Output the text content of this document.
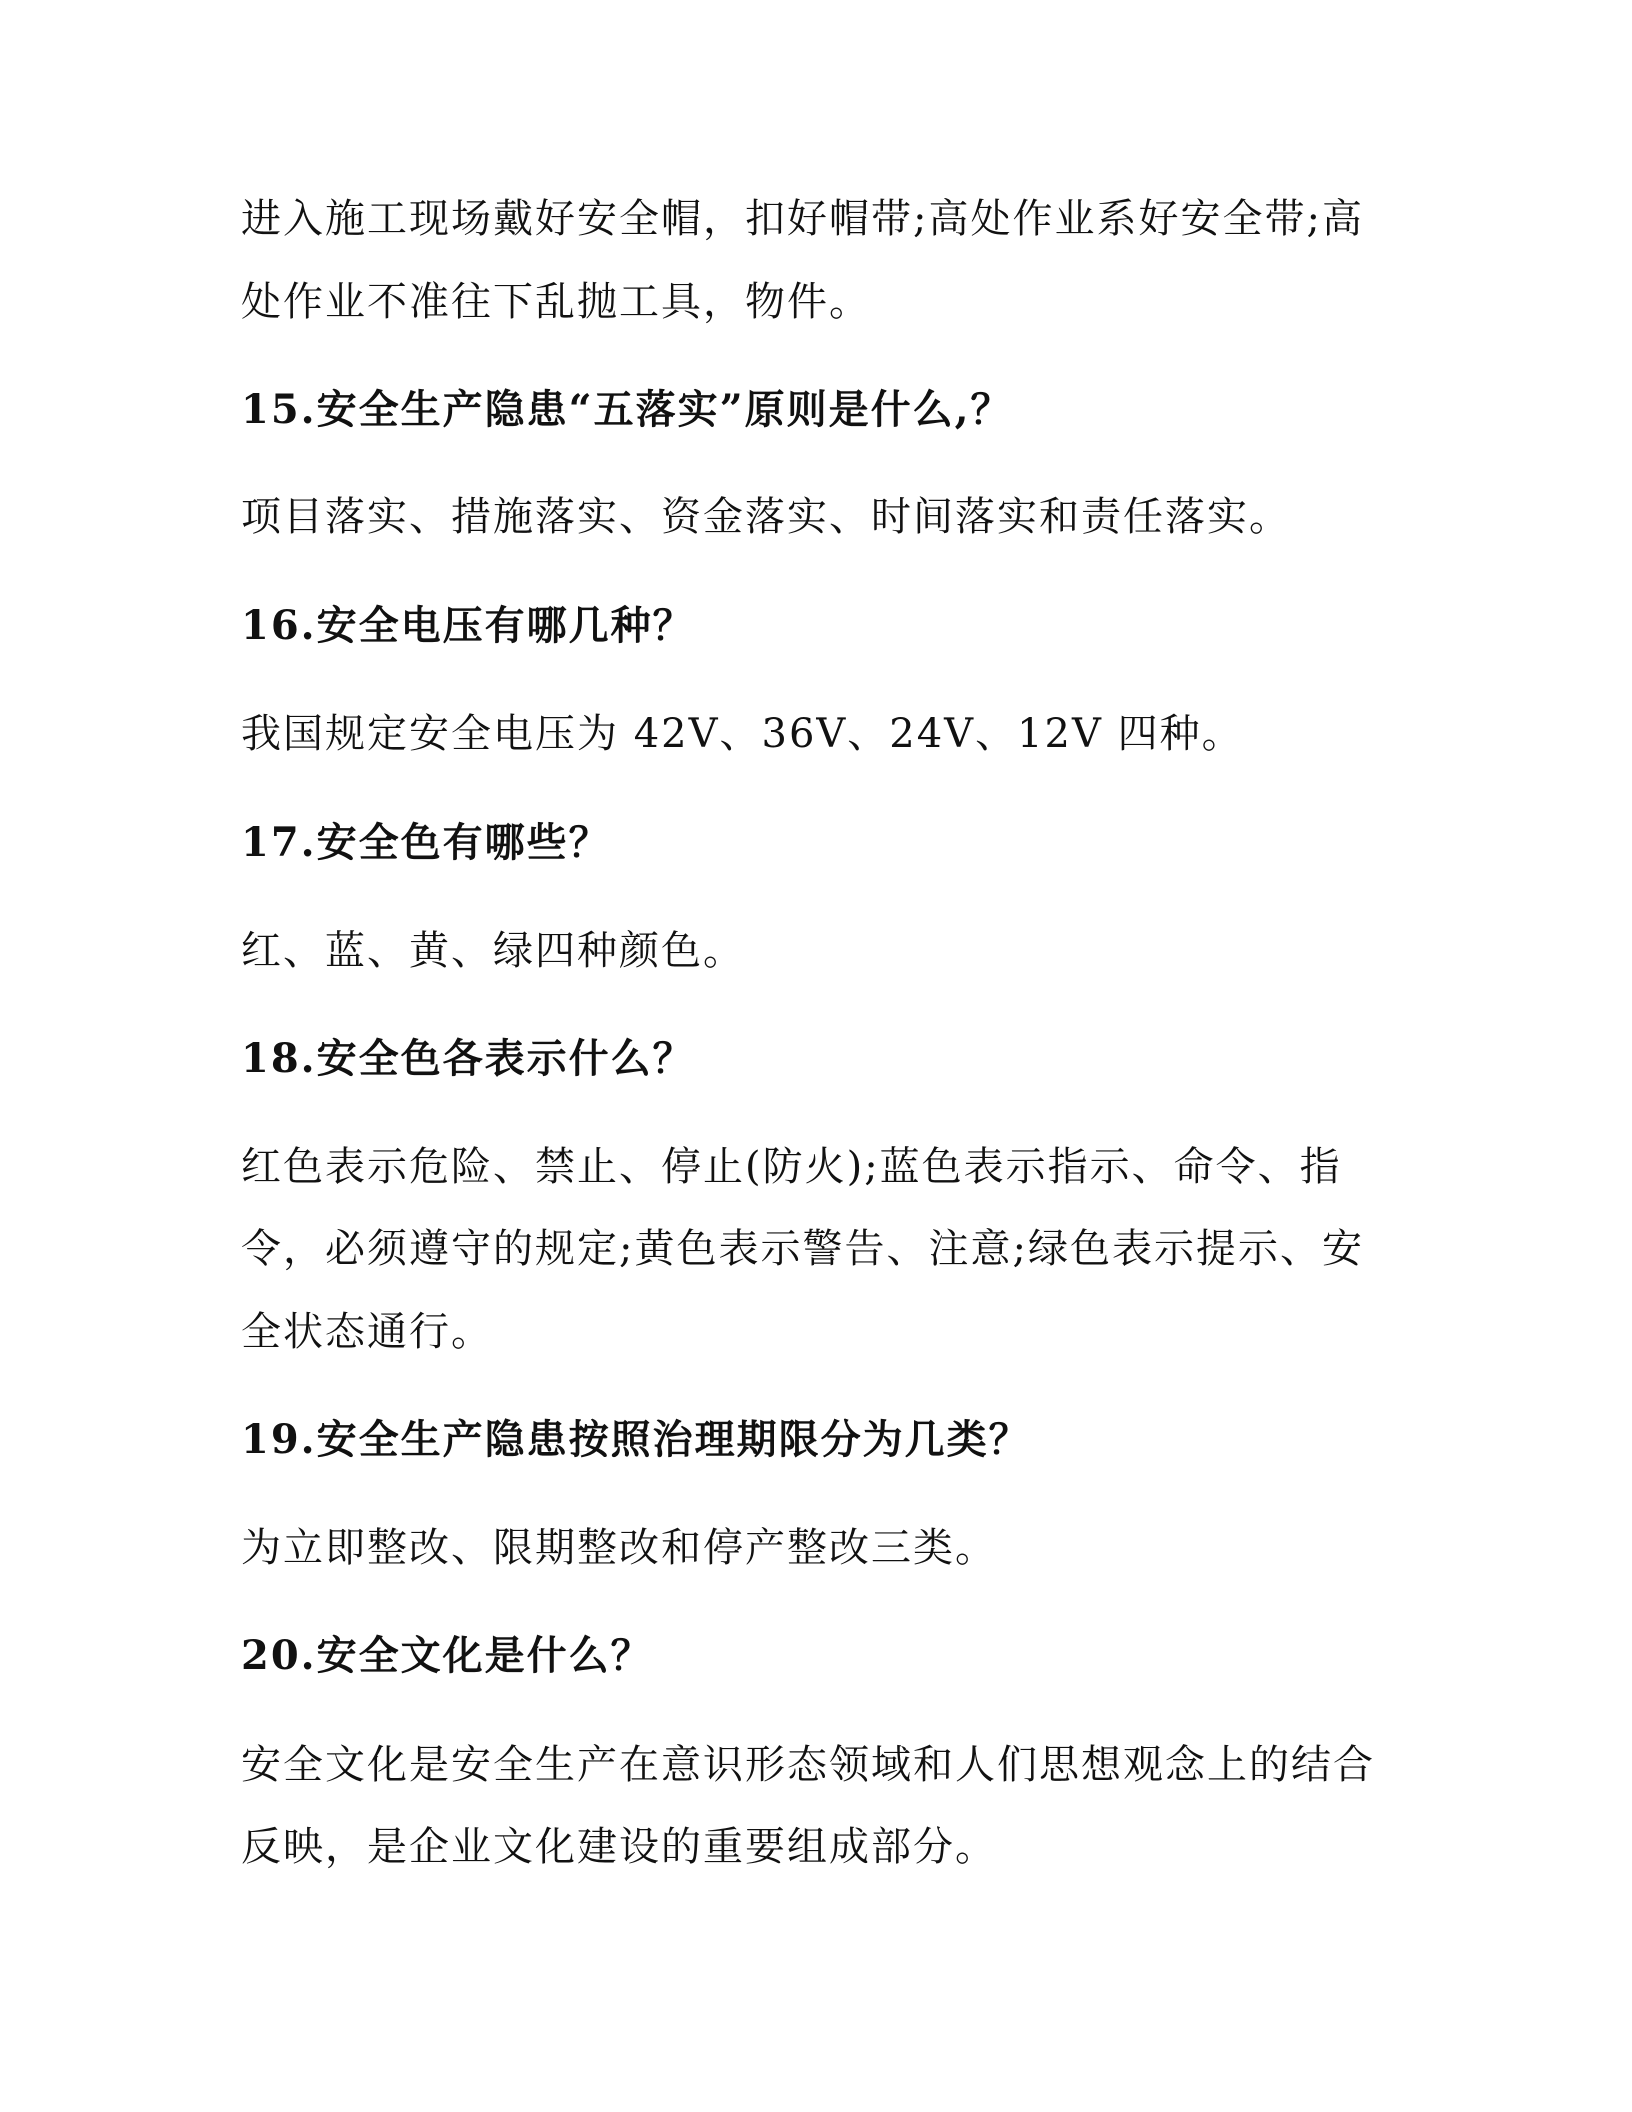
进入施工现场戴好安全帽，扣好帽带;高处作业系好安全带;高
处作业不准往下乱抛工具，物件。
15.安全生产隐患“五落实”原则是什么,？
项目落实、措施落实、资金落实、时间落实和责任落实。
16.安全电压有哪几种？
我国规定安全电压为 42V、36V、24V、12V 四种。
17.安全色有哪些？
红、蓝、黄、绿四种颜色。
18.安全色各表示什么？
红色表示危险、禁止、停止(防火);蓝色表示指示、命令、指
令，必须遵守的规定;黄色表示警告、注意;绿色表示提示、安
全状态通行。
19.安全生产隐患按照治理期限分为几类？
为立即整改、限期整改和停产整改三类。
20.安全文化是什么？
安全文化是安全生产在意识形态领域和人们思想观念上的结合
反映，是企业文化建设的重要组成部分。
